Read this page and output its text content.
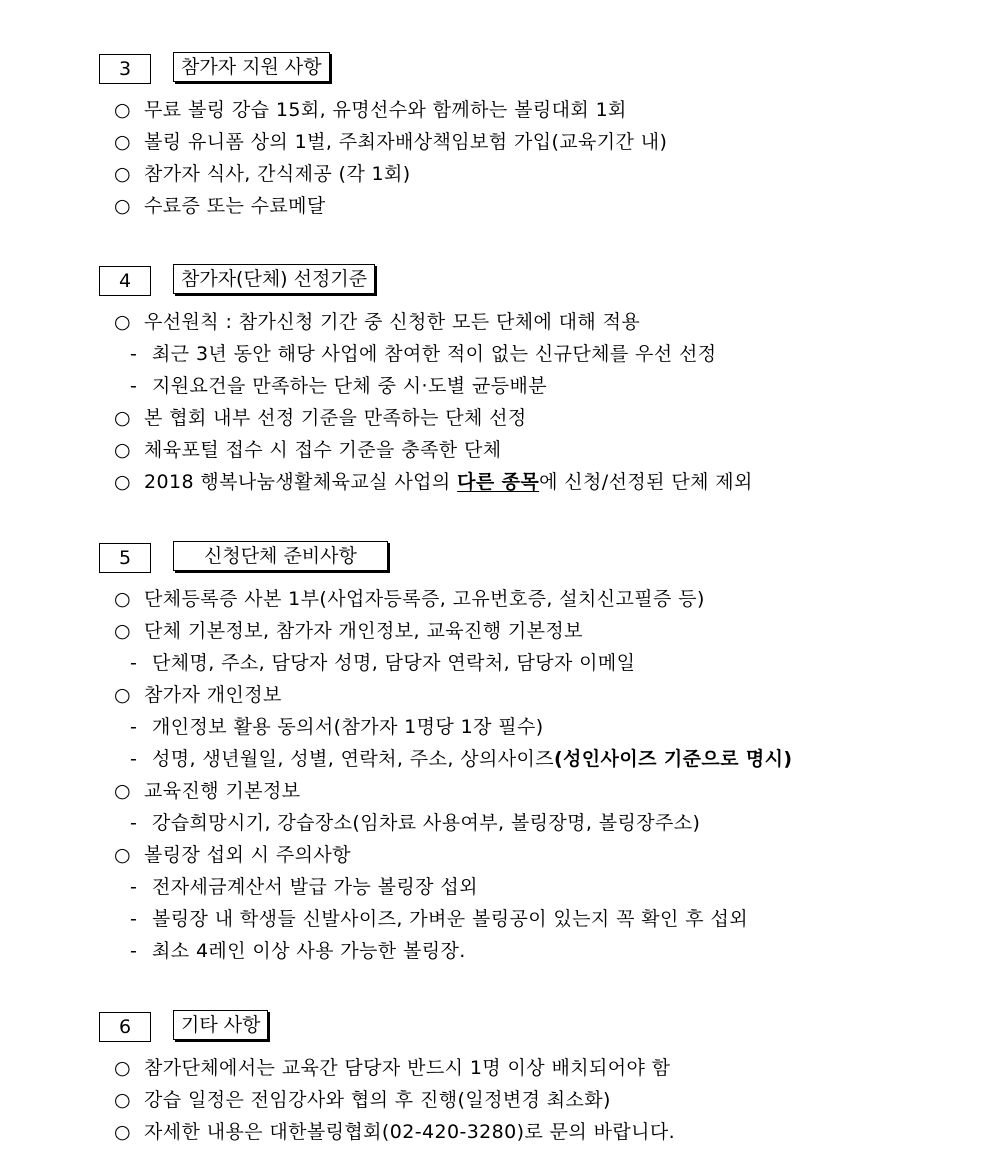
3	참가자 지원 사항
○ 무료 볼링 강습 15회, 유명선수와 함께하는 볼링대회 1회
○ 볼링 유니폼 상의 1벌, 주최자배상책임보험 가입(교육기간 내)
○ 참가자 식사, 간식제공 (각 1회)
○ 수료증 또는 수료메달
4	참가자(단체) 선정기준
○ 우선원칙 : 참가신청 기간 중 신청한 모든 단체에 대해 적용
- 최근 3년 동안 해당 사업에 참여한 적이 없는 신규단체를 우선 선정
- 지원요건을 만족하는 단체 중 시·도별 균등배분
○ 본 협회 내부 선정 기준을 만족하는 단체 선정
○ 체육포털 접수 시 접수 기준을 충족한 단체
○ 2018 행복나눔생활체육교실 사업의 다른 종목에 신청/선정된 단체 제외
5	신청단체 준비사항
○ 단체등록증 사본 1부(사업자등록증, 고유번호증, 설치신고필증 등)
○ 단체 기본정보, 참가자 개인정보, 교육진행 기본정보
- 단체명, 주소, 담당자 성명, 담당자 연락처, 담당자 이메일
○ 참가자 개인정보
- 개인정보 활용 동의서(참가자 1명당 1장 필수)
- 성명, 생년월일, 성별, 연락처, 주소, 상의사이즈(성인사이즈 기준으로 명시)
○ 교육진행 기본정보
- 강습희망시기, 강습장소(임차료 사용여부, 볼링장명, 볼링장주소)
○ 볼링장 섭외 시 주의사항
- 전자세금계산서 발급 가능 볼링장 섭외
- 볼링장 내 학생들 신발사이즈, 가벼운 볼링공이 있는지 꼭 확인 후 섭외
- 최소 4레인 이상 사용 가능한 볼링장.
6	기타 사항
○ 참가단체에서는 교육간 담당자 반드시 1명 이상 배치되어야 함
○ 강습 일정은 전임강사와 협의 후 진행(일정변경 최소화)
○ 자세한 내용은 대한볼링협회(02-420-3280)로 문의 바랍니다.
